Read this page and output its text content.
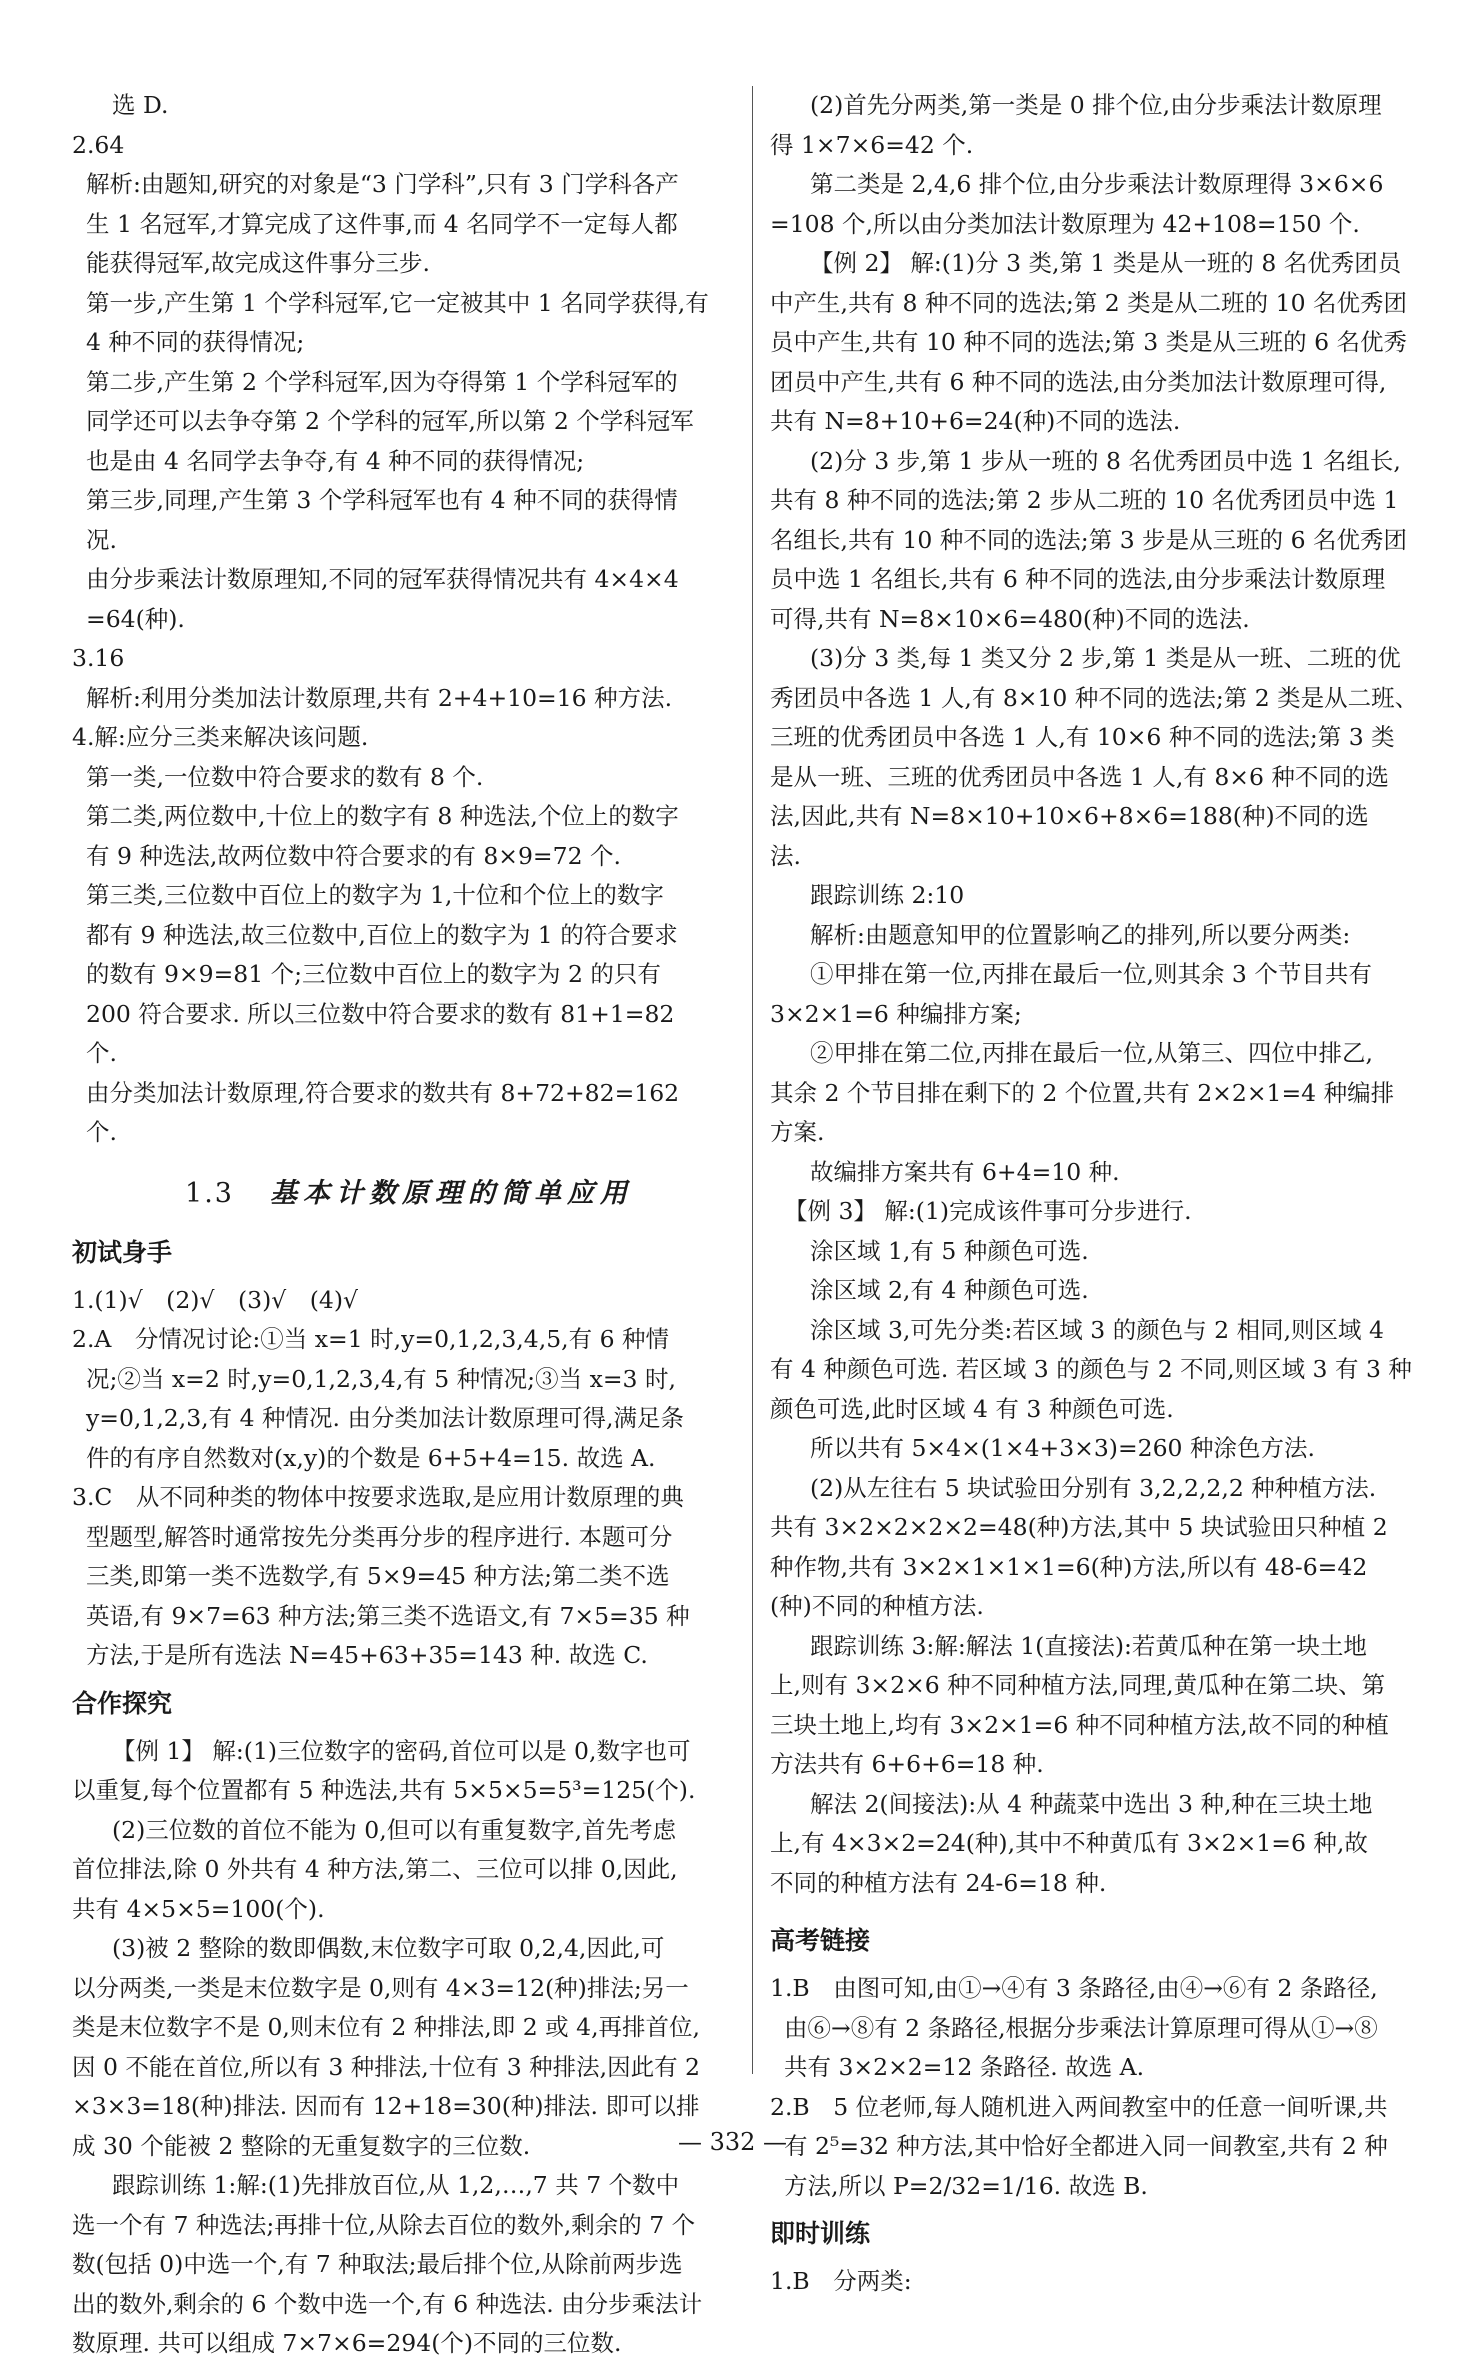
选 D.
2.64
解析:由题知,研究的对象是“3 门学科”,只有 3 门学科各产
生 1 名冠军,才算完成了这件事,而 4 名同学不一定每人都
能获得冠军,故完成这件事分三步.
第一步,产生第 1 个学科冠军,它一定被其中 1 名同学获得,有
4 种不同的获得情况;
第二步,产生第 2 个学科冠军,因为夺得第 1 个学科冠军的
同学还可以去争夺第 2 个学科的冠军,所以第 2 个学科冠军
也是由 4 名同学去争夺,有 4 种不同的获得情况;
第三步,同理,产生第 3 个学科冠军也有 4 种不同的获得情
况.
由分步乘法计数原理知,不同的冠军获得情况共有 4×4×4
=64(种).
3.16
解析:利用分类加法计数原理,共有 2+4+10=16 种方法.
4.解:应分三类来解决该问题.
第一类,一位数中符合要求的数有 8 个.
第二类,两位数中,十位上的数字有 8 种选法,个位上的数字
有 9 种选法,故两位数中符合要求的有 8×9=72 个.
第三类,三位数中百位上的数字为 1,十位和个位上的数字
都有 9 种选法,故三位数中,百位上的数字为 1 的符合要求
的数有 9×9=81 个;三位数中百位上的数字为 2 的只有
200 符合要求. 所以三位数中符合要求的数有 81+1=82
个.
由分类加法计数原理,符合要求的数共有 8+72+82=162
个.
1.3 基本计数原理的简单应用
初试身手
1.(1)√　(2)√　(3)√　(4)√
2.A　分情况讨论:①当 x=1 时,y=0,1,2,3,4,5,有 6 种情
况;②当 x=2 时,y=0,1,2,3,4,有 5 种情况;③当 x=3 时,
y=0,1,2,3,有 4 种情况. 由分类加法计数原理可得,满足条
件的有序自然数对(x,y)的个数是 6+5+4=15. 故选 A.
3.C　从不同种类的物体中按要求选取,是应用计数原理的典
型题型,解答时通常按先分类再分步的程序进行. 本题可分
三类,即第一类不选数学,有 5×9=45 种方法;第二类不选
英语,有 9×7=63 种方法;第三类不选语文,有 7×5=35 种
方法,于是所有选法 N=45+63+35=143 种. 故选 C.
合作探究
【例 1】 解:(1)三位数字的密码,首位可以是 0,数字也可
以重复,每个位置都有 5 种选法,共有 5×5×5=5³=125(个).
(2)三位数的首位不能为 0,但可以有重复数字,首先考虑
首位排法,除 0 外共有 4 种方法,第二、三位可以排 0,因此,
共有 4×5×5=100(个).
(3)被 2 整除的数即偶数,末位数字可取 0,2,4,因此,可
以分两类,一类是末位数字是 0,则有 4×3=12(种)排法;另一
类是末位数字不是 0,则末位有 2 种排法,即 2 或 4,再排首位,
因 0 不能在首位,所以有 3 种排法,十位有 3 种排法,因此有 2
×3×3=18(种)排法. 因而有 12+18=30(种)排法. 即可以排
成 30 个能被 2 整除的无重复数字的三位数.
跟踪训练 1:解:(1)先排放百位,从 1,2,…,7 共 7 个数中
选一个有 7 种选法;再排十位,从除去百位的数外,剩余的 7 个
数(包括 0)中选一个,有 7 种取法;最后排个位,从除前两步选
出的数外,剩余的 6 个数中选一个,有 6 种选法. 由分步乘法计
数原理. 共可以组成 7×7×6=294(个)不同的三位数.
(2)首先分两类,第一类是 0 排个位,由分步乘法计数原理
得 1×7×6=42 个.
第二类是 2,4,6 排个位,由分步乘法计数原理得 3×6×6
=108 个,所以由分类加法计数原理为 42+108=150 个.
【例 2】 解:(1)分 3 类,第 1 类是从一班的 8 名优秀团员
中产生,共有 8 种不同的选法;第 2 类是从二班的 10 名优秀团
员中产生,共有 10 种不同的选法;第 3 类是从三班的 6 名优秀
团员中产生,共有 6 种不同的选法,由分类加法计数原理可得,
共有 N=8+10+6=24(种)不同的选法.
(2)分 3 步,第 1 步从一班的 8 名优秀团员中选 1 名组长,
共有 8 种不同的选法;第 2 步从二班的 10 名优秀团员中选 1
名组长,共有 10 种不同的选法;第 3 步是从三班的 6 名优秀团
员中选 1 名组长,共有 6 种不同的选法,由分步乘法计数原理
可得,共有 N=8×10×6=480(种)不同的选法.
(3)分 3 类,每 1 类又分 2 步,第 1 类是从一班、二班的优
秀团员中各选 1 人,有 8×10 种不同的选法;第 2 类是从二班、
三班的优秀团员中各选 1 人,有 10×6 种不同的选法;第 3 类
是从一班、三班的优秀团员中各选 1 人,有 8×6 种不同的选
法,因此,共有 N=8×10+10×6+8×6=188(种)不同的选
法.
跟踪训练 2:10
解析:由题意知甲的位置影响乙的排列,所以要分两类:
①甲排在第一位,丙排在最后一位,则其余 3 个节目共有
3×2×1=6 种编排方案;
②甲排在第二位,丙排在最后一位,从第三、四位中排乙,
其余 2 个节目排在剩下的 2 个位置,共有 2×2×1=4 种编排
方案.
故编排方案共有 6+4=10 种.
【例 3】 解:(1)完成该件事可分步进行.
涂区域 1,有 5 种颜色可选.
涂区域 2,有 4 种颜色可选.
涂区域 3,可先分类:若区域 3 的颜色与 2 相同,则区域 4
有 4 种颜色可选. 若区域 3 的颜色与 2 不同,则区域 3 有 3 种
颜色可选,此时区域 4 有 3 种颜色可选.
所以共有 5×4×(1×4+3×3)=260 种涂色方法.
(2)从左往右 5 块试验田分别有 3,2,2,2,2 种种植方法.
共有 3×2×2×2×2=48(种)方法,其中 5 块试验田只种植 2
种作物,共有 3×2×1×1×1=6(种)方法,所以有 48-6=42
(种)不同的种植方法.
跟踪训练 3:解:解法 1(直接法):若黄瓜种在第一块土地
上,则有 3×2×6 种不同种植方法,同理,黄瓜种在第二块、第
三块土地上,均有 3×2×1=6 种不同种植方法,故不同的种植
方法共有 6+6+6=18 种.
解法 2(间接法):从 4 种蔬菜中选出 3 种,种在三块土地
上,有 4×3×2=24(种),其中不种黄瓜有 3×2×1=6 种,故
不同的种植方法有 24-6=18 种.
高考链接
1.B　由图可知,由①→④有 3 条路径,由④→⑥有 2 条路径,
由⑥→⑧有 2 条路径,根据分步乘法计算原理可得从①→⑧
共有 3×2×2=12 条路径. 故选 A.
2.B　5 位老师,每人随机进入两间教室中的任意一间听课,共
有 2⁵=32 种方法,其中恰好全都进入同一间教室,共有 2 种
方法,所以 P=2/32=1/16. 故选 B.
即时训练
1.B　分两类:
— 332 —
